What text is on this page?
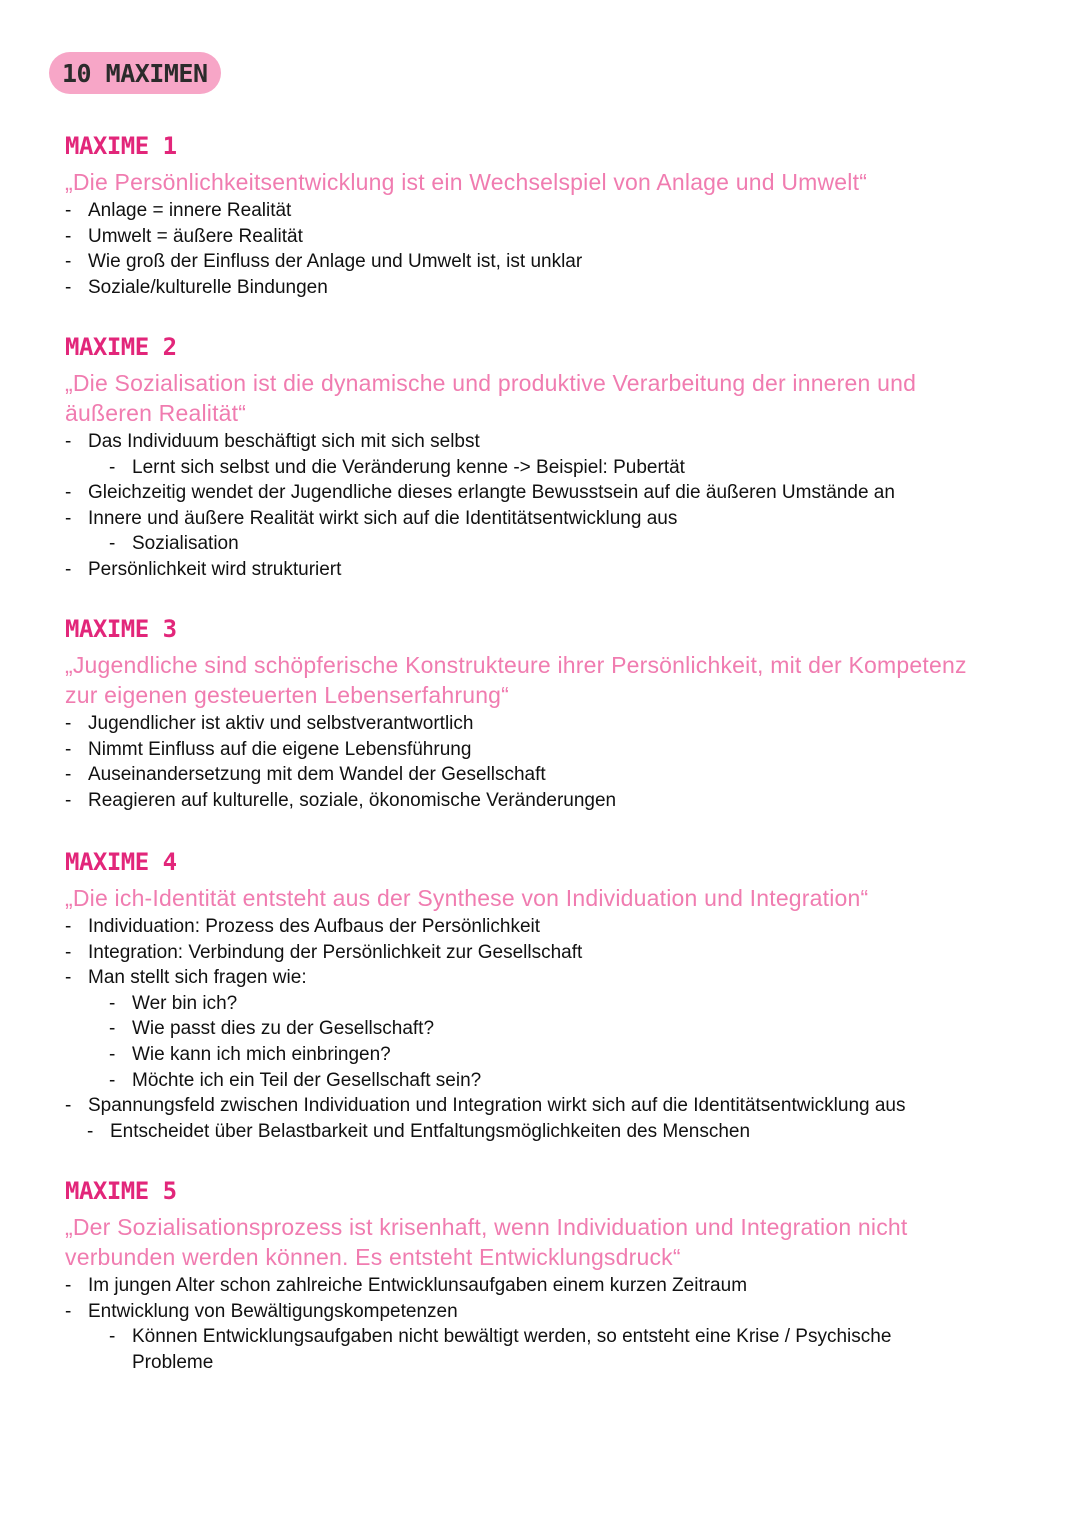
10 MAXIMEN
MAXIME 1
„Die Persönlichkeitsentwicklung ist ein Wechselspiel von Anlage und Umwelt“
- Anlage = innere Realität
- Umwelt = äußere Realität
- Wie groß der Einfluss der Anlage und Umwelt ist, ist unklar
- Soziale/kulturelle Bindungen
MAXIME 2
„Die Sozialisation ist die dynamische und produktive Verarbeitung der inneren und äußeren Realität“
- Das Individuum beschäftigt sich mit sich selbst
- Lernt sich selbst und die Veränderung kenne -> Beispiel: Pubertät
- Gleichzeitig wendet der Jugendliche dieses erlangte Bewusstsein auf die äußeren Umstände an
- Innere und äußere Realität wirkt sich auf die Identitätsentwicklung aus
- Sozialisation
- Persönlichkeit wird strukturiert
MAXIME 3
„Jugendliche sind schöpferische Konstrukteure ihrer Persönlichkeit, mit der Kompetenz zur eigenen gesteuerten Lebenserfahrung“
- Jugendlicher ist aktiv und selbstverantwortlich
- Nimmt Einfluss auf die eigene Lebensführung
- Auseinandersetzung mit dem Wandel der Gesellschaft
- Reagieren auf kulturelle, soziale, ökonomische Veränderungen
MAXIME 4
„Die ich-Identität entsteht aus der Synthese von Individuation und Integration“
- Individuation: Prozess des Aufbaus der Persönlichkeit
- Integration: Verbindung der Persönlichkeit zur Gesellschaft
- Man stellt sich fragen wie:
- Wer bin ich?
- Wie passt dies zu der Gesellschaft?
- Wie kann ich mich einbringen?
- Möchte ich ein Teil der Gesellschaft sein?
- Spannungsfeld zwischen Individuation und Integration wirkt sich auf die Identitätsentwicklung aus
- Entscheidet über Belastbarkeit und Entfaltungsmöglichkeiten des Menschen
MAXIME 5
„Der Sozialisationsprozess ist krisenhaft, wenn Individuation und Integration nicht verbunden werden können. Es entsteht Entwicklungsdruck“
- Im jungen Alter schon zahlreiche Entwicklunsaufgaben einem kurzen Zeitraum
- Entwicklung von Bewältigungskompetenzen
- Können Entwicklungsaufgaben nicht bewältigt werden, so entsteht eine Krise / Psychische Probleme
